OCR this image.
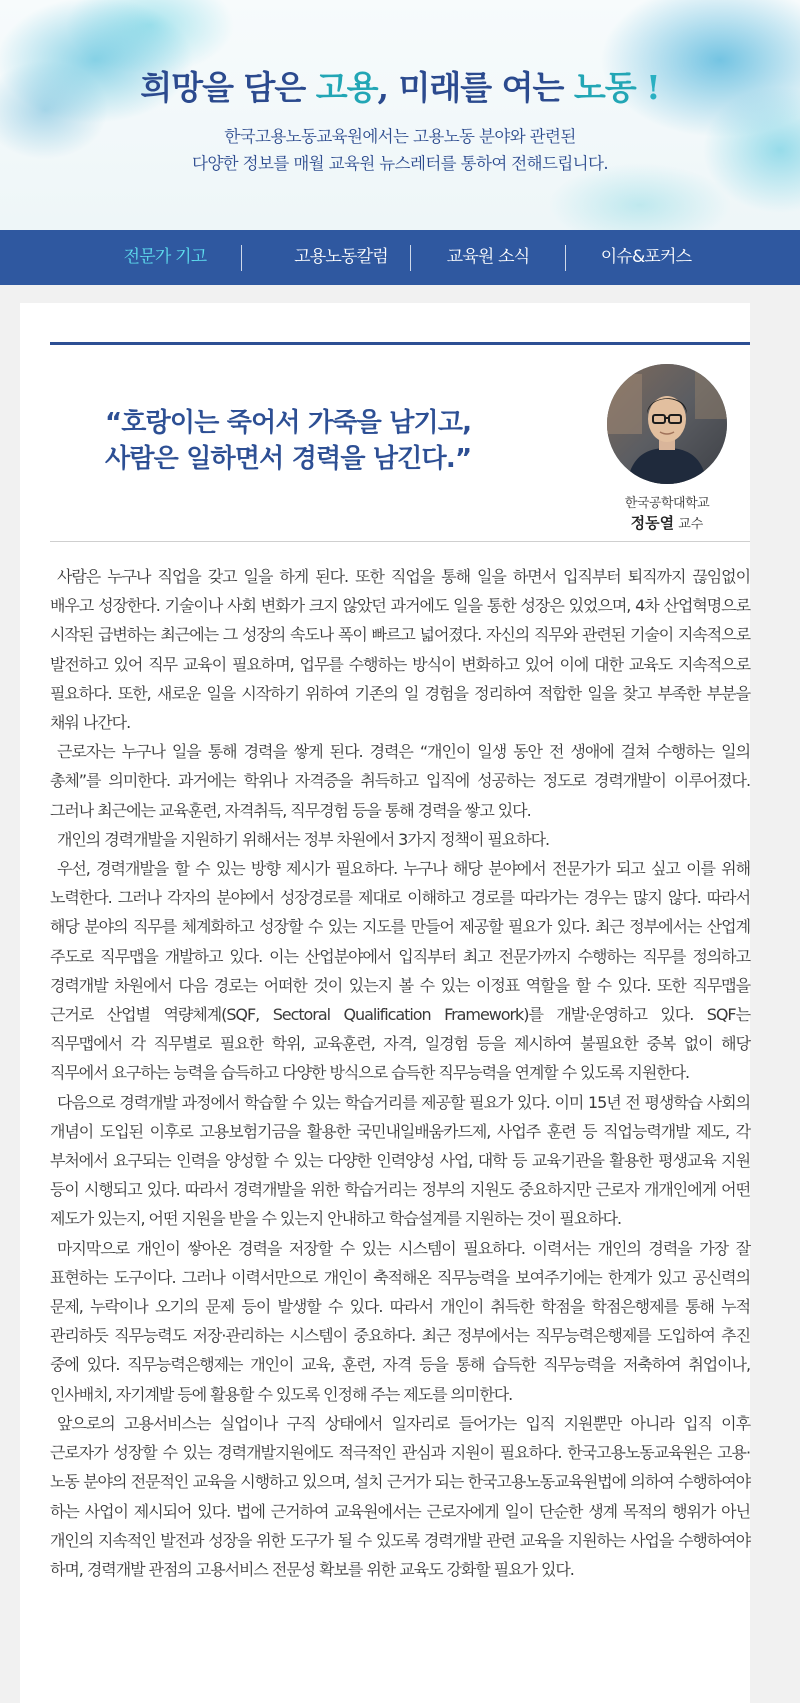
희망을 담은 고용, 미래를 여는 노동 !
한국고용노동교육원에서는 고용노동 분야와 관련된
다양한 정보를 매월 교육원 뉴스레터를 통하여 전해드립니다.
전문가 기고	고용노동칼럼	교육원 소식	이슈&포커스
“호랑이는 죽어서 가죽을 남기고,
사람은 일하면서 경력을 남긴다.”
한국공학대학교
정동열 교수

사람은 누구나 직업을 갖고 일을 하게 된다. 또한 직업을 통해 일을 하면서 입직부터 퇴직까지 끊임없이 배우고 성장한다. 기술이나 사회 변화가 크지 않았던 과거에도 일을 통한 성장은 있었으며, 4차 산업혁명으로 시작된 급변하는 최근에는 그 성장의 속도나 폭이 빠르고 넓어졌다. 자신의 직무와 관련된 기술이 지속적으로 발전하고 있어 직무 교육이 필요하며, 업무를 수행하는 방식이 변화하고 있어 이에 대한 교육도 지속적으로 필요하다. 또한, 새로운 일을 시작하기 위하여 기존의 일 경험을 정리하여 적합한 일을 찾고 부족한 부분을 채워 나간다.

근로자는 누구나 일을 통해 경력을 쌓게 된다. 경력은 “개인이 일생 동안 전 생애에 걸쳐 수행하는 일의 총체”를 의미한다. 과거에는 학위나 자격증을 취득하고 입직에 성공하는 정도로 경력개발이 이루어졌다. 그러나 최근에는 교육훈련, 자격취득, 직무경험 등을 통해 경력을 쌓고 있다.

개인의 경력개발을 지원하기 위해서는 정부 차원에서 3가지 정책이 필요하다.

우선, 경력개발을 할 수 있는 방향 제시가 필요하다. 누구나 해당 분야에서 전문가가 되고 싶고 이를 위해 노력한다. 그러나 각자의 분야에서 성장경로를 제대로 이해하고 경로를 따라가는 경우는 많지 않다. 따라서 해당 분야의 직무를 체계화하고 성장할 수 있는 지도를 만들어 제공할 필요가 있다. 최근 정부에서는 산업계 주도로 직무맵을 개발하고 있다. 이는 산업분야에서 입직부터 최고 전문가까지 수행하는 직무를 정의하고 경력개발 차원에서 다음 경로는 어떠한 것이 있는지 볼 수 있는 이정표 역할을 할 수 있다. 또한 직무맵을 근거로 산업별 역량체계(SQF, Sectoral Qualification Framework)를 개발·운영하고 있다. SQF는 직무맵에서 각 직무별로 필요한 학위, 교육훈련, 자격, 일경험 등을 제시하여 불필요한 중복 없이 해당 직무에서 요구하는 능력을 습득하고 다양한 방식으로 습득한 직무능력을 연계할 수 있도록 지원한다.

다음으로 경력개발 과정에서 학습할 수 있는 학습거리를 제공할 필요가 있다. 이미 15년 전 평생학습 사회의 개념이 도입된 이후로 고용보험기금을 활용한 국민내일배움카드제, 사업주 훈련 등 직업능력개발 제도, 각 부처에서 요구되는 인력을 양성할 수 있는 다양한 인력양성 사업, 대학 등 교육기관을 활용한 평생교육 지원 등이 시행되고 있다. 따라서 경력개발을 위한 학습거리는 정부의 지원도 중요하지만 근로자 개개인에게 어떤 제도가 있는지, 어떤 지원을 받을 수 있는지 안내하고 학습설계를 지원하는 것이 필요하다.

마지막으로 개인이 쌓아온 경력을 저장할 수 있는 시스템이 필요하다. 이력서는 개인의 경력을 가장 잘 표현하는 도구이다. 그러나 이력서만으로 개인이 축적해온 직무능력을 보여주기에는 한계가 있고 공신력의 문제, 누락이나 오기의 문제 등이 발생할 수 있다. 따라서 개인이 취득한 학점을 학점은행제를 통해 누적 관리하듯 직무능력도 저장·관리하는 시스템이 중요하다. 최근 정부에서는 직무능력은행제를 도입하여 추진 중에 있다. 직무능력은행제는 개인이 교육, 훈련, 자격 등을 통해 습득한 직무능력을 저축하여 취업이나, 인사배치, 자기계발 등에 활용할 수 있도록 인정해 주는 제도를 의미한다.

앞으로의 고용서비스는 실업이나 구직 상태에서 일자리로 들어가는 입직 지원뿐만 아니라 입직 이후 근로자가 성장할 수 있는 경력개발지원에도 적극적인 관심과 지원이 필요하다. 한국고용노동교육원은 고용·노동 분야의 전문적인 교육을 시행하고 있으며, 설치 근거가 되는 한국고용노동교육원법에 의하여 수행하여야 하는 사업이 제시되어 있다. 법에 근거하여 교육원에서는 근로자에게 일이 단순한 생계 목적의 행위가 아닌 개인의 지속적인 발전과 성장을 위한 도구가 될 수 있도록 경력개발 관련 교육을 지원하는 사업을 수행하여야 하며, 경력개발 관점의 고용서비스 전문성 확보를 위한 교육도 강화할 필요가 있다.
